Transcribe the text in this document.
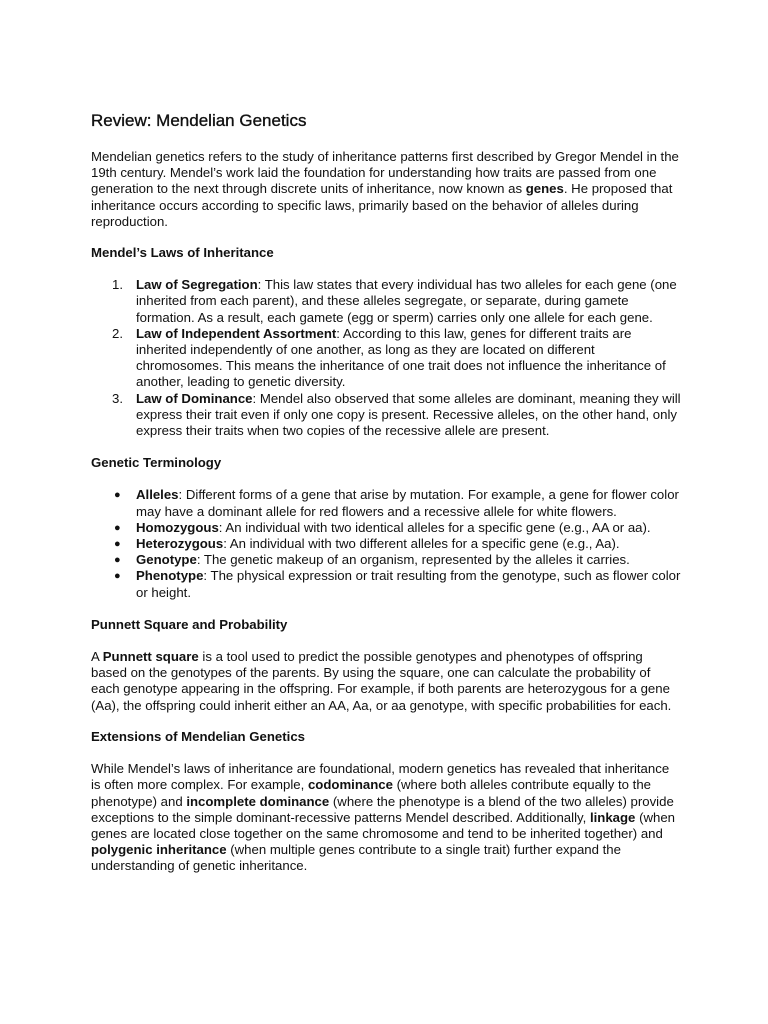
Review: Mendelian Genetics

Mendelian genetics refers to the study of inheritance patterns first described by Gregor Mendel in the 19th century. Mendel’s work laid the foundation for understanding how traits are passed from one generation to the next through discrete units of inheritance, now known as genes. He proposed that inheritance occurs according to specific laws, primarily based on the behavior of alleles during reproduction.

Mendel’s Laws of Inheritance
1. Law of Segregation: This law states that every individual has two alleles for each gene (one inherited from each parent), and these alleles segregate, or separate, during gamete formation. As a result, each gamete (egg or sperm) carries only one allele for each gene.
2. Law of Independent Assortment: According to this law, genes for different traits are inherited independently of one another, as long as they are located on different chromosomes. This means the inheritance of one trait does not influence the inheritance of another, leading to genetic diversity.
3. Law of Dominance: Mendel also observed that some alleles are dominant, meaning they will express their trait even if only one copy is present. Recessive alleles, on the other hand, only express their traits when two copies of the recessive allele are present.
Genetic Terminology
● Alleles: Different forms of a gene that arise by mutation. For example, a gene for flower color may have a dominant allele for red flowers and a recessive allele for white flowers.
● Homozygous: An individual with two identical alleles for a specific gene (e.g., AA or aa).
● Heterozygous: An individual with two different alleles for a specific gene (e.g., Aa).
● Genotype: The genetic makeup of an organism, represented by the alleles it carries.
● Phenotype: The physical expression or trait resulting from the genotype, such as flower color or height.
Punnett Square and Probability

A Punnett square is a tool used to predict the possible genotypes and phenotypes of offspring based on the genotypes of the parents. By using the square, one can calculate the probability of each genotype appearing in the offspring. For example, if both parents are heterozygous for a gene (Aa), the offspring could inherit either an AA, Aa, or aa genotype, with specific probabilities for each.

Extensions of Mendelian Genetics

While Mendel’s laws of inheritance are foundational, modern genetics has revealed that inheritance is often more complex. For example, codominance (where both alleles contribute equally to the phenotype) and incomplete dominance (where the phenotype is a blend of the two alleles) provide exceptions to the simple dominant-recessive patterns Mendel described. Additionally, linkage (when genes are located close together on the same chromosome and tend to be inherited together) and polygenic inheritance (when multiple genes contribute to a single trait) further expand the understanding of genetic inheritance.
